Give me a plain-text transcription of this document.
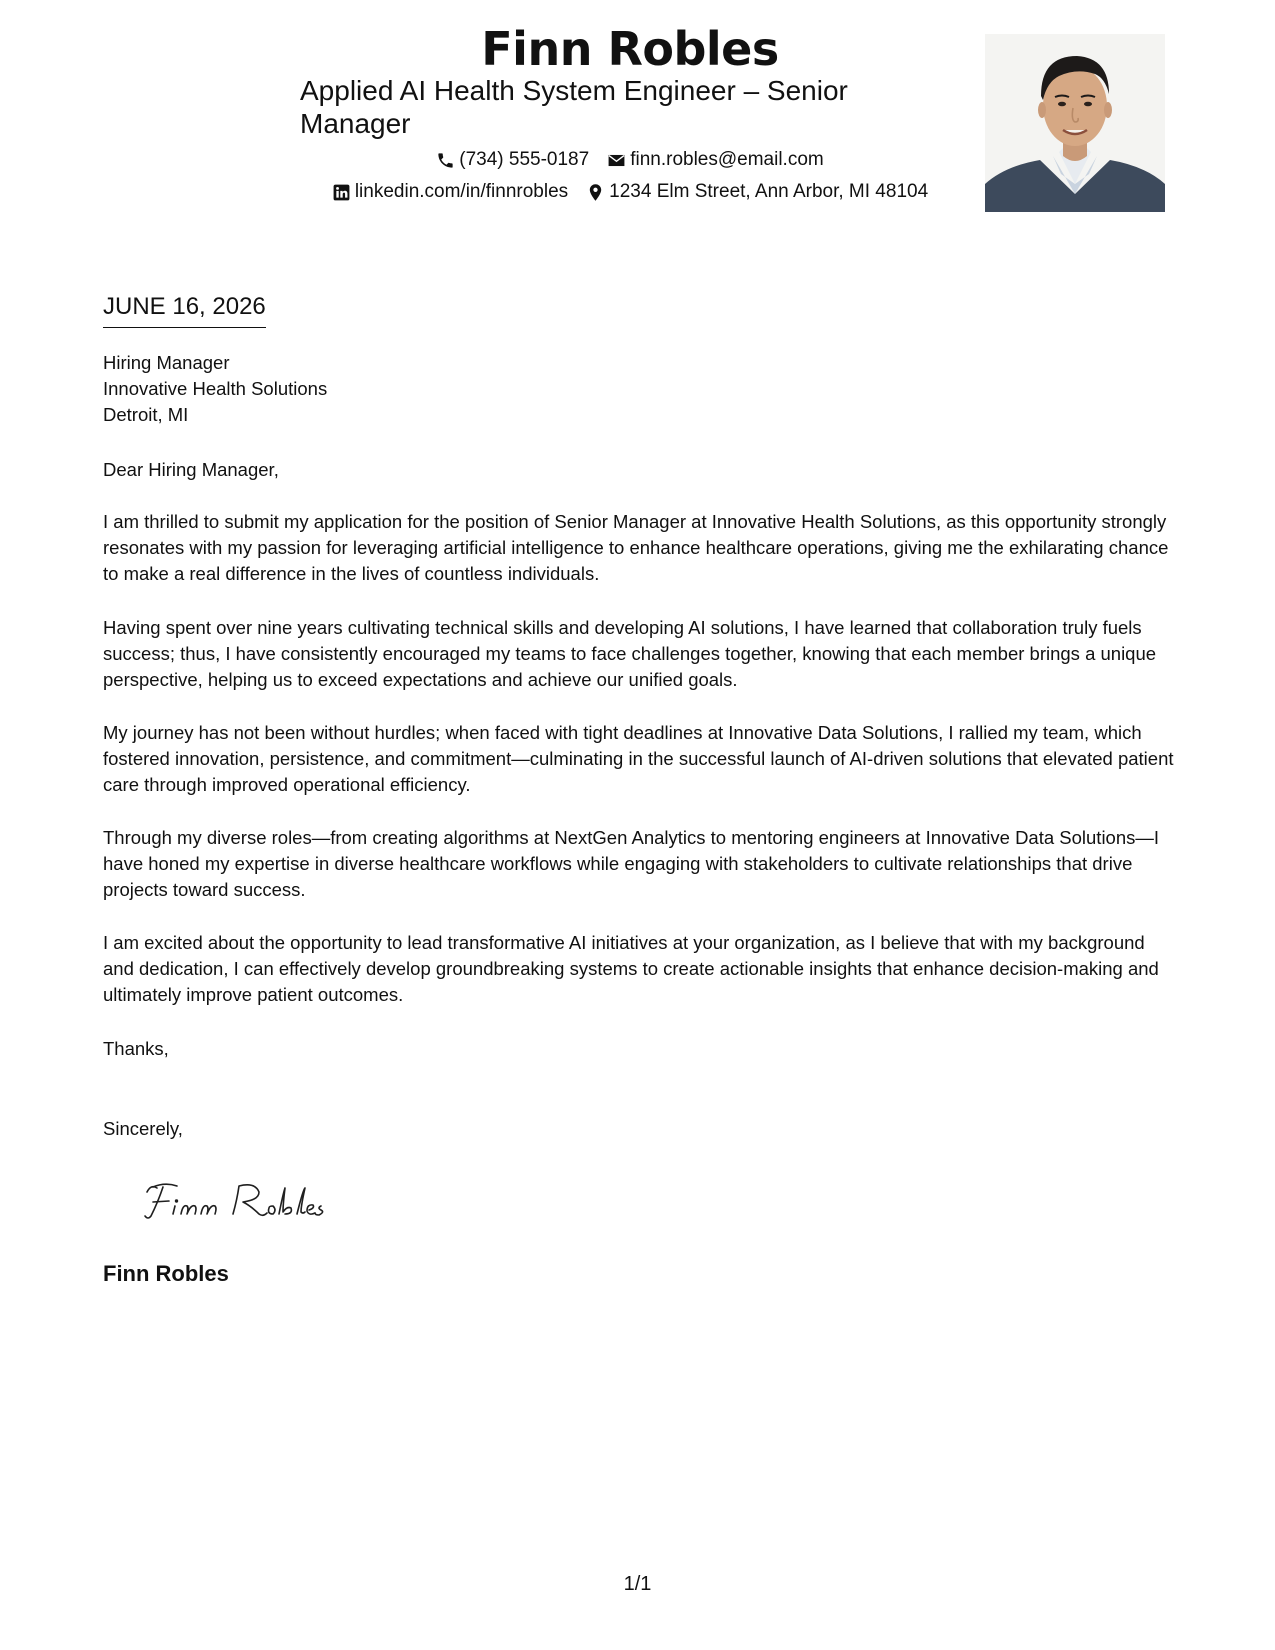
Finn Robles
Applied AI Health System Engineer – Senior Manager
(734) 555-0187 finn.robles@email.com
linkedin.com/in/finnrobles 1234 Elm Street, Ann Arbor, MI 48104
JUNE 16, 2026
Hiring Manager
Innovative Health Solutions
Detroit, MI
Dear Hiring Manager,

I am thrilled to submit my application for the position of Senior Manager at Innovative Health Solutions, as this opportunity strongly resonates with my passion for leveraging artificial intelligence to enhance healthcare operations, giving me the exhilarating chance to make a real difference in the lives of countless individuals.

Having spent over nine years cultivating technical skills and developing AI solutions, I have learned that collaboration truly fuels success; thus, I have consistently encouraged my teams to face challenges together, knowing that each member brings a unique perspective, helping us to exceed expectations and achieve our unified goals.

My journey has not been without hurdles; when faced with tight deadlines at Innovative Data Solutions, I rallied my team, which fostered innovation, persistence, and commitment—culminating in the successful launch of AI-driven solutions that elevated patient care through improved operational efficiency.

Through my diverse roles—from creating algorithms at NextGen Analytics to mentoring engineers at Innovative Data Solutions—I have honed my expertise in diverse healthcare workflows while engaging with stakeholders to cultivate relationships that drive projects toward success.

I am excited about the opportunity to lead transformative AI initiatives at your organization, as I believe that with my background and dedication, I can effectively develop groundbreaking systems to create actionable insights that enhance decision-making and ultimately improve patient outcomes.

Thanks,
Sincerely,
Finn Robles
1/1
